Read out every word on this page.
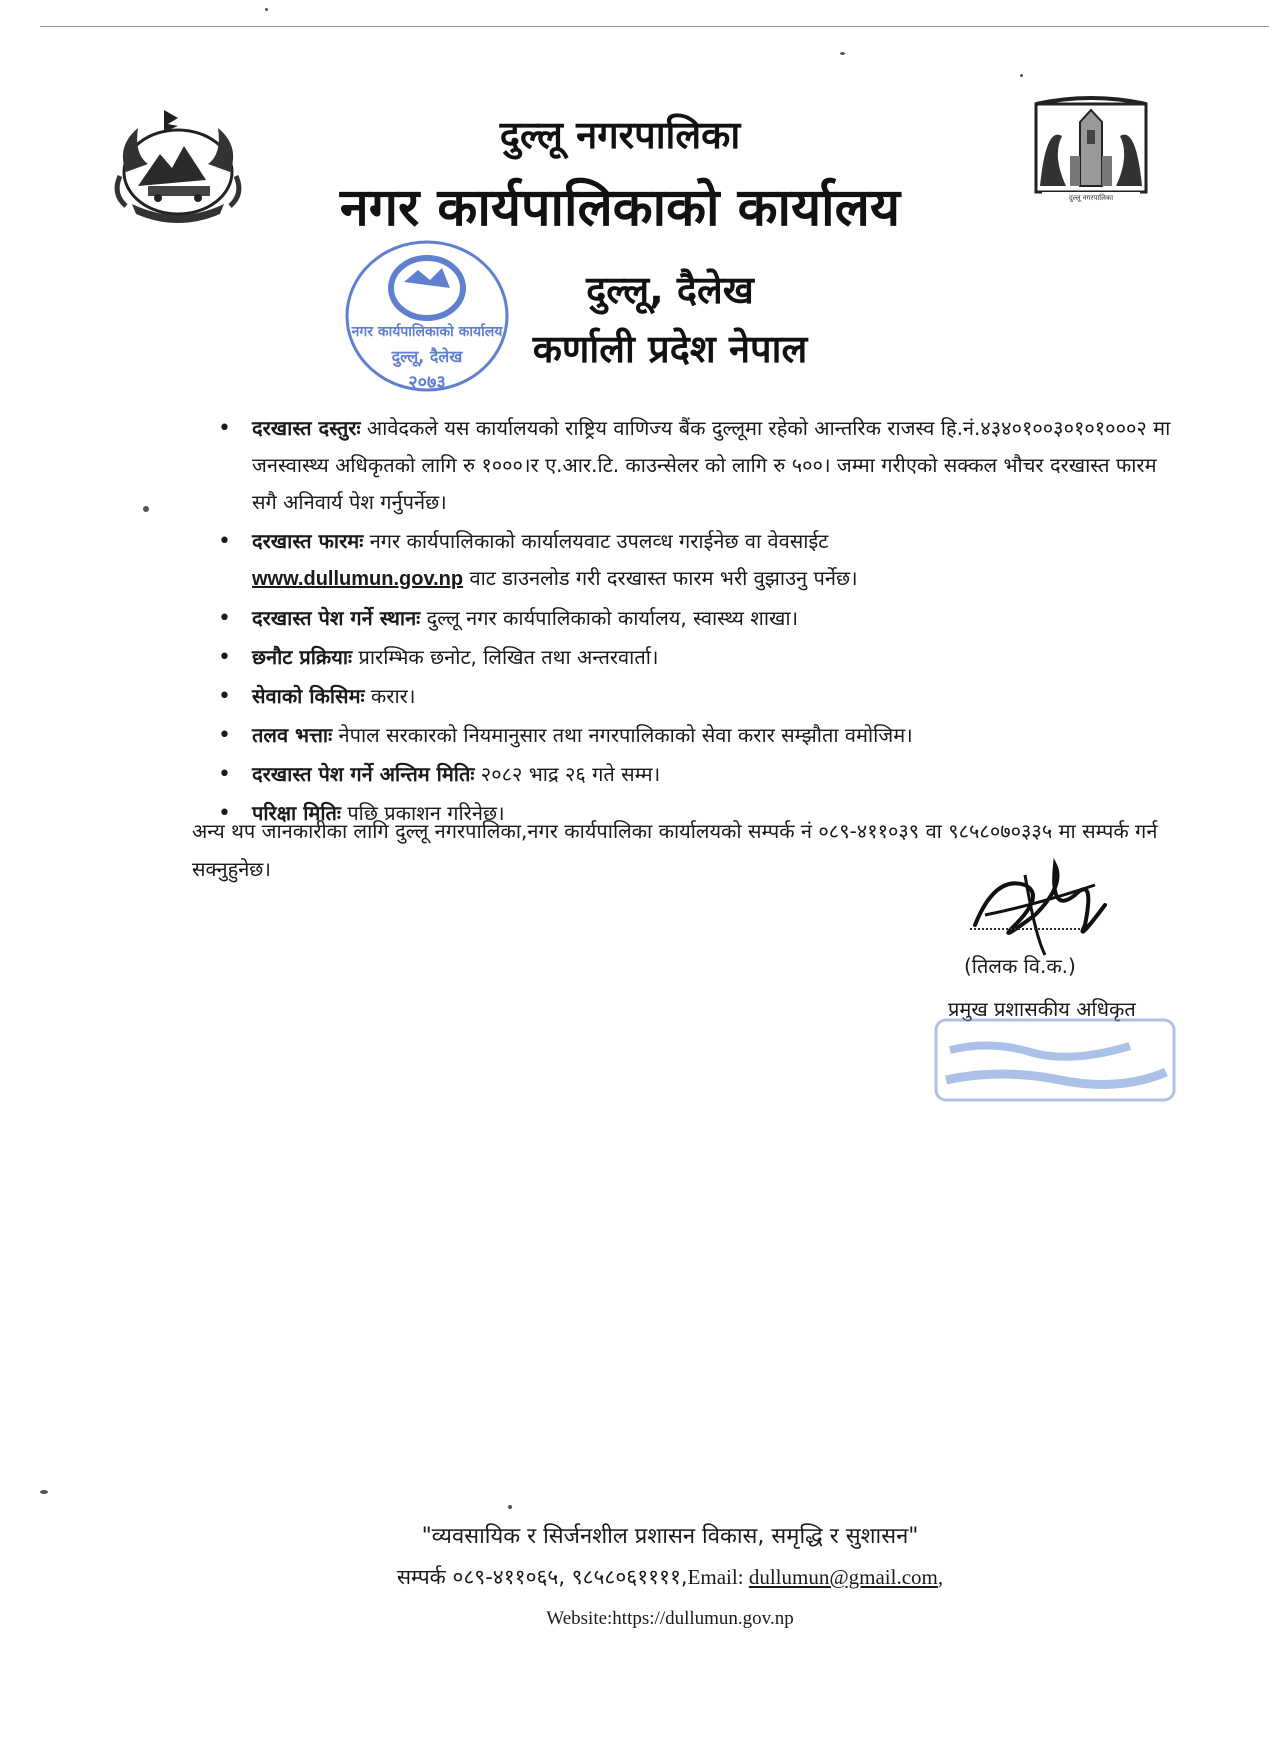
दुल्लू नगरपालिका
दुल्लू नगरपालिका
नगर कार्यपालिकाको कार्यालय
दुल्लू, दैलेख
कर्णाली प्रदेश नेपाल
नगर कार्यपालिकाको कार्यालय
दुल्लू, दैलेख
२०७३
• दरखास्त दस्तुरः आवेदकले यस कार्यालयको राष्ट्रिय वाणिज्य बैंक दुल्लूमा रहेको आन्तरिक राजस्व हि.नं.४३४०१००३०१०१०००२ मा जनस्वास्थ्य अधिकृतको लागि रु १०००।र ए.आर.टि. काउन्सेलर को लागि रु ५००। जम्मा गरीएको सक्कल भौचर दरखास्त फारम सगै अनिवार्य पेश गर्नुपर्नेछ।
• दरखास्त फारमः नगर कार्यपालिकाको कार्यालयवाट उपलव्ध गराईनेछ वा वेवसाईट
www.dullumun.gov.np वाट डाउनलोड गरी दरखास्त फारम भरी वुझाउनु पर्नेछ।
• दरखास्त पेश गर्ने स्थानः दुल्लू नगर कार्यपालिकाको कार्यालय, स्वास्थ्य शाखा।
• छनौट प्रक्रियाः प्रारम्भिक छनोट, लिखित तथा अन्तरवार्ता।
• सेवाको किसिमः करार।
• तलव भत्ताः नेपाल सरकारको नियमानुसार तथा नगरपालिकाको सेवा करार सम्झौता वमोजिम।
• दरखास्त पेश गर्ने अन्तिम मितिः २०८२ भाद्र २६ गते सम्म।
• परिक्षा मितिः पछि प्रकाशन गरिनेछ।
अन्य थप जानकारीका लागि दुल्लू नगरपालिका,नगर कार्यपालिका कार्यालयको सम्पर्क नं ०८९-४११०३९ वा ९८५८०७०३३५ मा सम्पर्क गर्न सक्नुहुनेछ।
(तिलक वि.क.)
प्रमुख प्रशासकीय अधिकृत
"व्यवसायिक र सिर्जनशील प्रशासन विकास, समृद्धि र सुशासन"
सम्पर्क ०८९-४११०६५, ९८५८०६११११,Email: dullumun@gmail.com,
Website:https://dullumun.gov.np
